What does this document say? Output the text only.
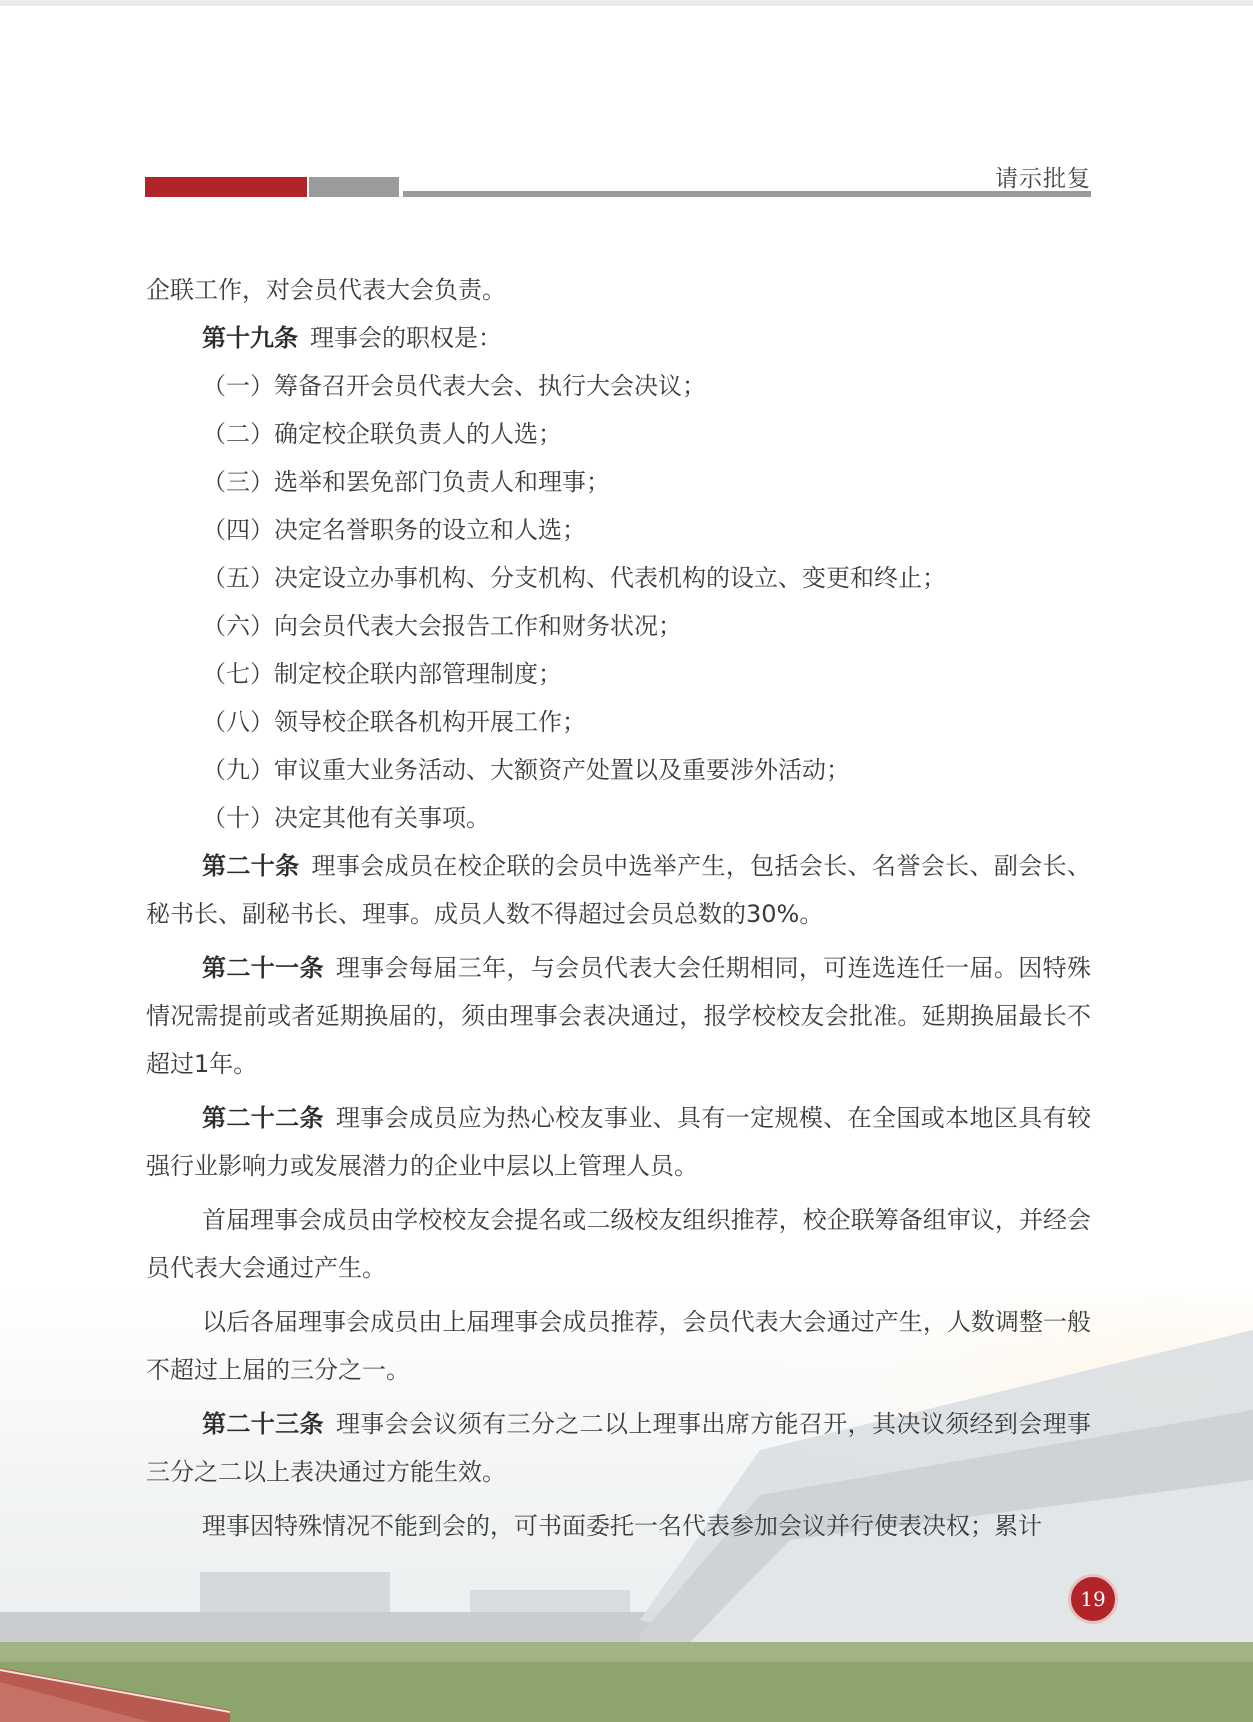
请示批复
19

企联工作，对会员代表大会负责。

第十九条 理事会的职权是：

（一）筹备召开会员代表大会、执行大会决议；

（二）确定校企联负责人的人选；

（三）选举和罢免部门负责人和理事；

（四）决定名誉职务的设立和人选；

（五）决定设立办事机构、分支机构、代表机构的设立、变更和终止；

（六）向会员代表大会报告工作和财务状况；

（七）制定校企联内部管理制度；

（八）领导校企联各机构开展工作；

（九）审议重大业务活动、大额资产处置以及重要涉外活动；

（十）决定其他有关事项。

第二十条 理事会成员在校企联的会员中选举产生，包括会长、名誉会长、副会长、秘书长、副秘书长、理事。成员人数不得超过会员总数的30%。

第二十一条 理事会每届三年，与会员代表大会任期相同，可连选连任一届。因特殊情况需提前或者延期换届的，须由理事会表决通过，报学校校友会批准。延期换届最长不超过1年。

第二十二条 理事会成员应为热心校友事业、具有一定规模、在全国或本地区具有较强行业影响力或发展潜力的企业中层以上管理人员。

首届理事会成员由学校校友会提名或二级校友组织推荐，校企联筹备组审议，并经会员代表大会通过产生。

以后各届理事会成员由上届理事会成员推荐，会员代表大会通过产生，人数调整一般不超过上届的三分之一。

第二十三条 理事会会议须有三分之二以上理事出席方能召开，其决议须经到会理事三分之二以上表决通过方能生效。

理事因特殊情况不能到会的，可书面委托一名代表参加会议并行使表决权；累计
